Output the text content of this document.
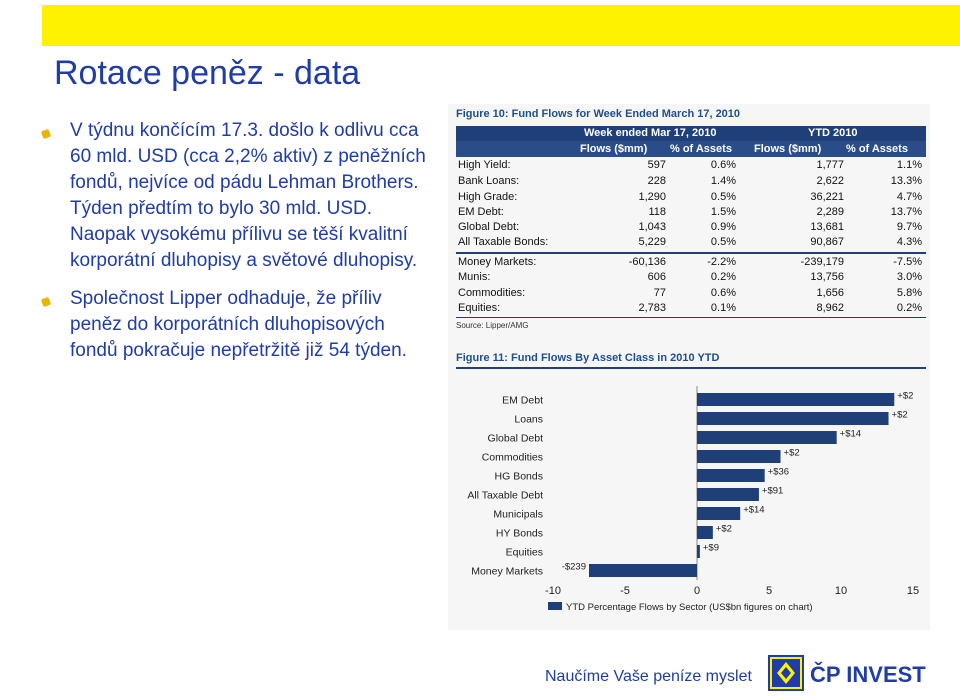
Rotace peněz - data
V týdnu končícím 17.3. došlo k odlivu cca 60 mld. USD (cca 2,2% aktiv) z peněžních fondů, nejvíce od pádu Lehman Brothers. Týden předtím to bylo 30 mld. USD. Naopak vysokému přílivu se těší kvalitní korporátní dluhopisy a světové dluhopisy.
Společnost Lipper odhaduje, že příliv peněz do korporátních dluhopisových fondů pokračuje nepřetržitě již 54 týden.
Figure 10: Fund Flows for Week Ended March 17, 2010
Week ended Mar 17, 2010	YTD 2010
Flows ($mm) % of Assets Flows ($mm) % of Assets
High Yield:	597	0.6%	1,777	1.1%
Bank Loans:	228	1.4%	2,622	13.3%
High Grade:	1,290	0.5%	36,221	4.7%
EM Debt:	118	1.5%	2,289	13.7%
Global Debt:	1,043	0.9%	13,681	9.7%
All Taxable Bonds:	5,229	0.5%	90,867	4.3%
Money Markets:	-60,136	-2.2%	-239,179	-7.5%
Munis:	606	0.2%	13,756	3.0%
Commodities:	77	0.6%	1,656	5.8%
Equities:	2,783	0.1%	8,962	0.2%
Source: Lipper/AMG
Figure 11: Fund Flows By Asset Class in 2010 YTD
EM Debt	+$2
Loans	+$2
Global Debt	+$14
Commodities	+$2
HG Bonds	+$36
All Taxable Debt	+$91
Municipals	+$14
HY Bonds	+$2
Equities	+$9
Money Markets -$239
-10	-5	0	5	10	15
YTD Percentage Flows by Sector (US$bn figures on chart)
Naučíme Vaše peníze myslet	ČP INVEST
